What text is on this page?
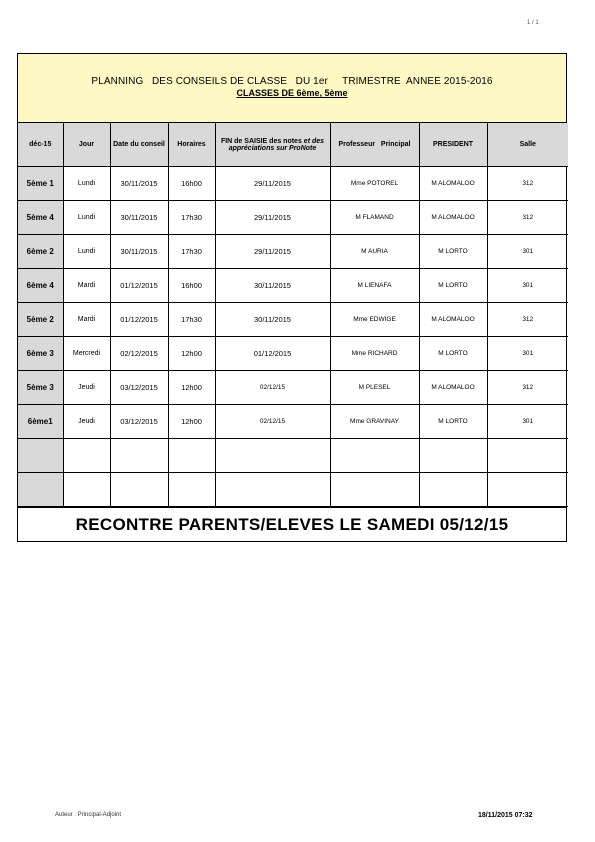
1 / 1
PLANNING   DES CONSEILS DE CLASSE   DU 1er     TRIMESTRE  ANNEE 2015-2016
CLASSES DE 6ème, 5ème
déc-15	Jour	Date du conseil	Horaires	FIN de SAISIE des notes et des appréciations sur ProNote	Professeur   Principal	PRESIDENT	Salle
5ème 1	Lundi	30/11/2015	16h00	29/11/2015	Mme POTOREL	M ALOMALOO	312
5ème 4	Lundi	30/11/2015	17h30	29/11/2015	M FLAMAND	M ALOMALOO	312
6ème 2	Lundi	30/11/2015	17h30	29/11/2015	M AURIA	M LORTO	301
6ème 4	Mardi	01/12/2015	16h00	30/11/2015	M LIENAFA	M LORTO	301
5ème 2	Mardi	01/12/2015	17h30	30/11/2015	Mme EDWIGE	M ALOMALOO	312
6ème 3	Mercredi	02/12/2015	12h00	01/12/2015	Mme RICHARD	M LORTO	301
5ème 3	Jeudi	03/12/2015	12h00	02/12/15	M PLESEL	M ALOMALOO	312
6ème1	Jeudi	03/12/2015	12h00	02/12/15	Mme GRAVINAY	M LORTO	301

RECONTRE PARENTS/ELEVES LE SAMEDI 05/12/15
Auteur : Principal-Adjoint	18/11/2015 07:32
